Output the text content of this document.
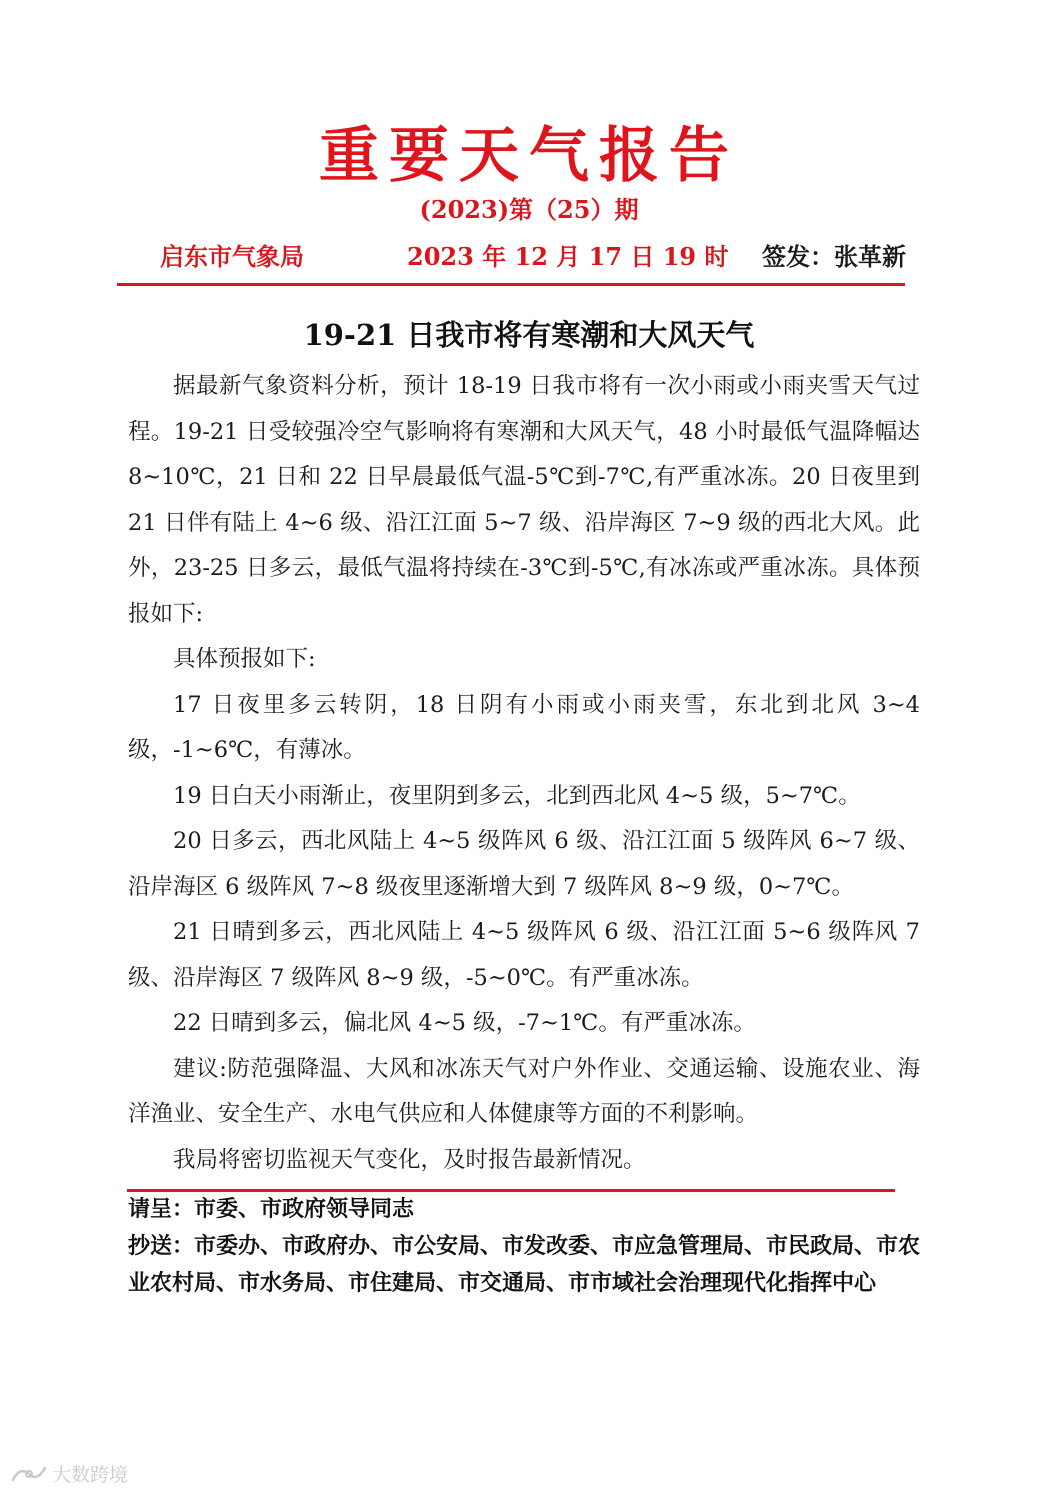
重要天气报告
(2023)第（25）期
启东市气象局	2023 年 12 月 17 日 19 时 签发：张革新
19-21 日我市将有寒潮和大风天气

据最新气象资料分析，预计 18-19 日我市将有一次小雨或小雨夹雪天气过程。19-21 日受较强冷空气影响将有寒潮和大风天气，48 小时最低气温降幅达 8~10℃，21 日和 22 日早晨最低气温-5℃到-7℃,有严重冰冻。20 日夜里到 21 日伴有陆上 4~6 级、沿江江面 5~7 级、沿岸海区 7~9 级的西北大风。此外，23-25 日多云，最低气温将持续在-3℃到-5℃,有冰冻或严重冰冻。具体预报如下:

具体预报如下:

17 日夜里多云转阴，18 日阴有小雨或小雨夹雪，东北到北风 3~4 级，-1~6℃，有薄冰。

19 日白天小雨渐止，夜里阴到多云，北到西北风 4~5 级，5~7℃。

20 日多云，西北风陆上 4~5 级阵风 6 级、沿江江面 5 级阵风 6~7 级、沿岸海区 6 级阵风 7~8 级夜里逐渐增大到 7 级阵风 8~9 级，0~7℃。

21 日晴到多云，西北风陆上 4~5 级阵风 6 级、沿江江面 5~6 级阵风 7 级、沿岸海区 7 级阵风 8~9 级，-5~0℃。有严重冰冻。

22 日晴到多云，偏北风 4~5 级，-7~1℃。有严重冰冻。

建议:防范强降温、大风和冰冻天气对户外作业、交通运输、设施农业、海洋渔业、安全生产、水电气供应和人体健康等方面的不利影响。

我局将密切监视天气变化，及时报告最新情况。

请呈：市委、市政府领导同志

抄送：市委办、市政府办、市公安局、市发改委、市应急管理局、市民政局、市农业农村局、市水务局、市住建局、市交通局、市市域社会治理现代化指挥中心

大数跨境
